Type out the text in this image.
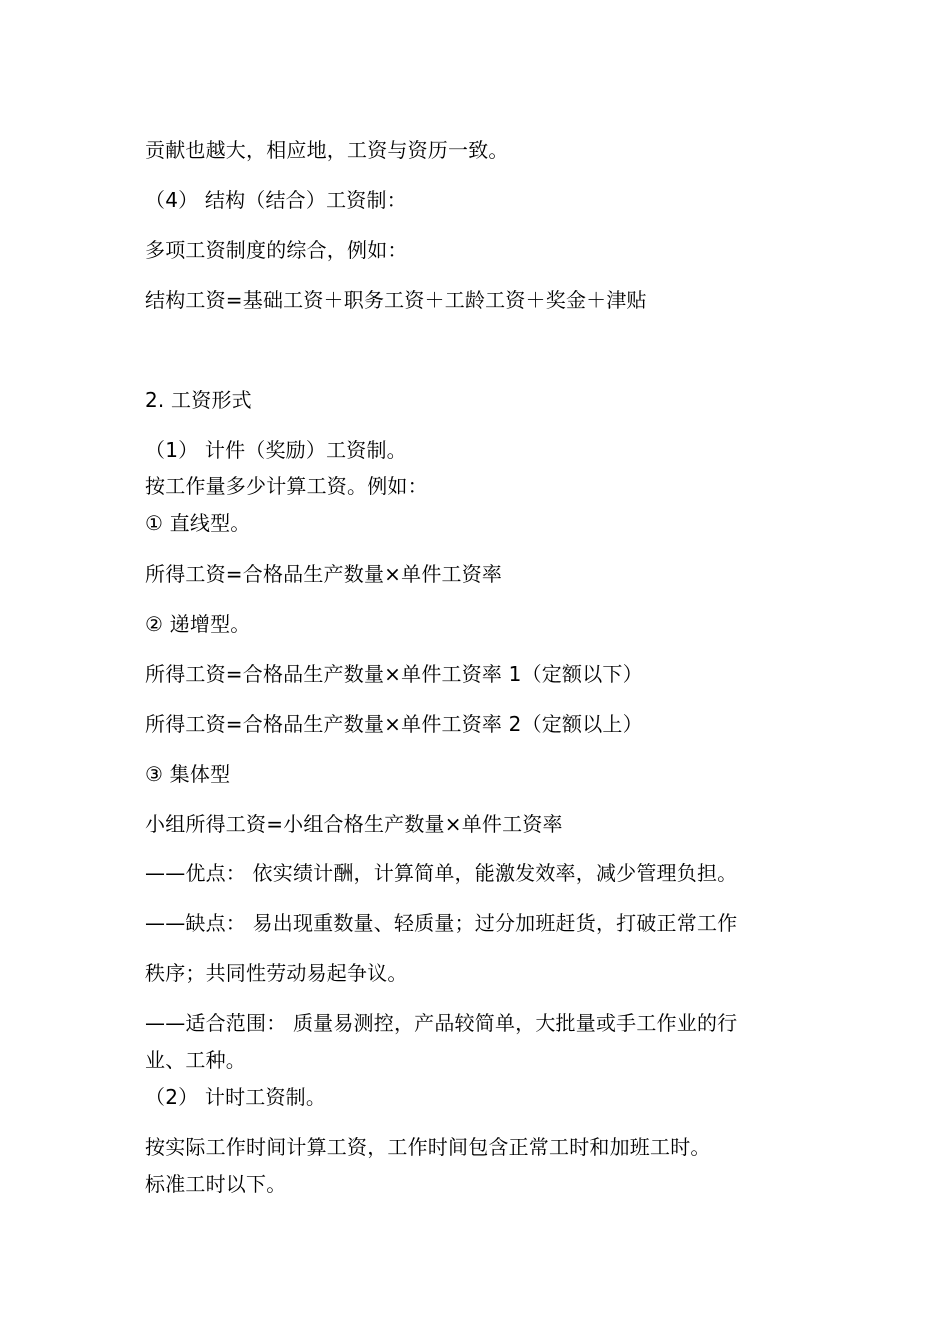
贡献也越大，相应地，工资与资历一致。
（4） 结构（结合）工资制：
多项工资制度的综合，例如：
结构工资=基础工资＋职务工资＋工龄工资＋奖金＋津贴
2. 工资形式
（1） 计件（奖励）工资制。
按工作量多少计算工资。例如：
① 直线型。
所得工资=合格品生产数量×单件工资率
② 递增型。
所得工资=合格品生产数量×单件工资率 1（定额以下）
所得工资=合格品生产数量×单件工资率 2（定额以上）
③ 集体型
小组所得工资=小组合格生产数量×单件工资率
——优点： 依实绩计酬，计算简单，能激发效率，减少管理负担。
——缺点： 易出现重数量、轻质量；过分加班赶货，打破正常工作
秩序；共同性劳动易起争议。
——适合范围： 质量易测控，产品较简单，大批量或手工作业的行
业、工种。
（2） 计时工资制。
按实际工作时间计算工资，工作时间包含正常工时和加班工时。
标准工时以下。
